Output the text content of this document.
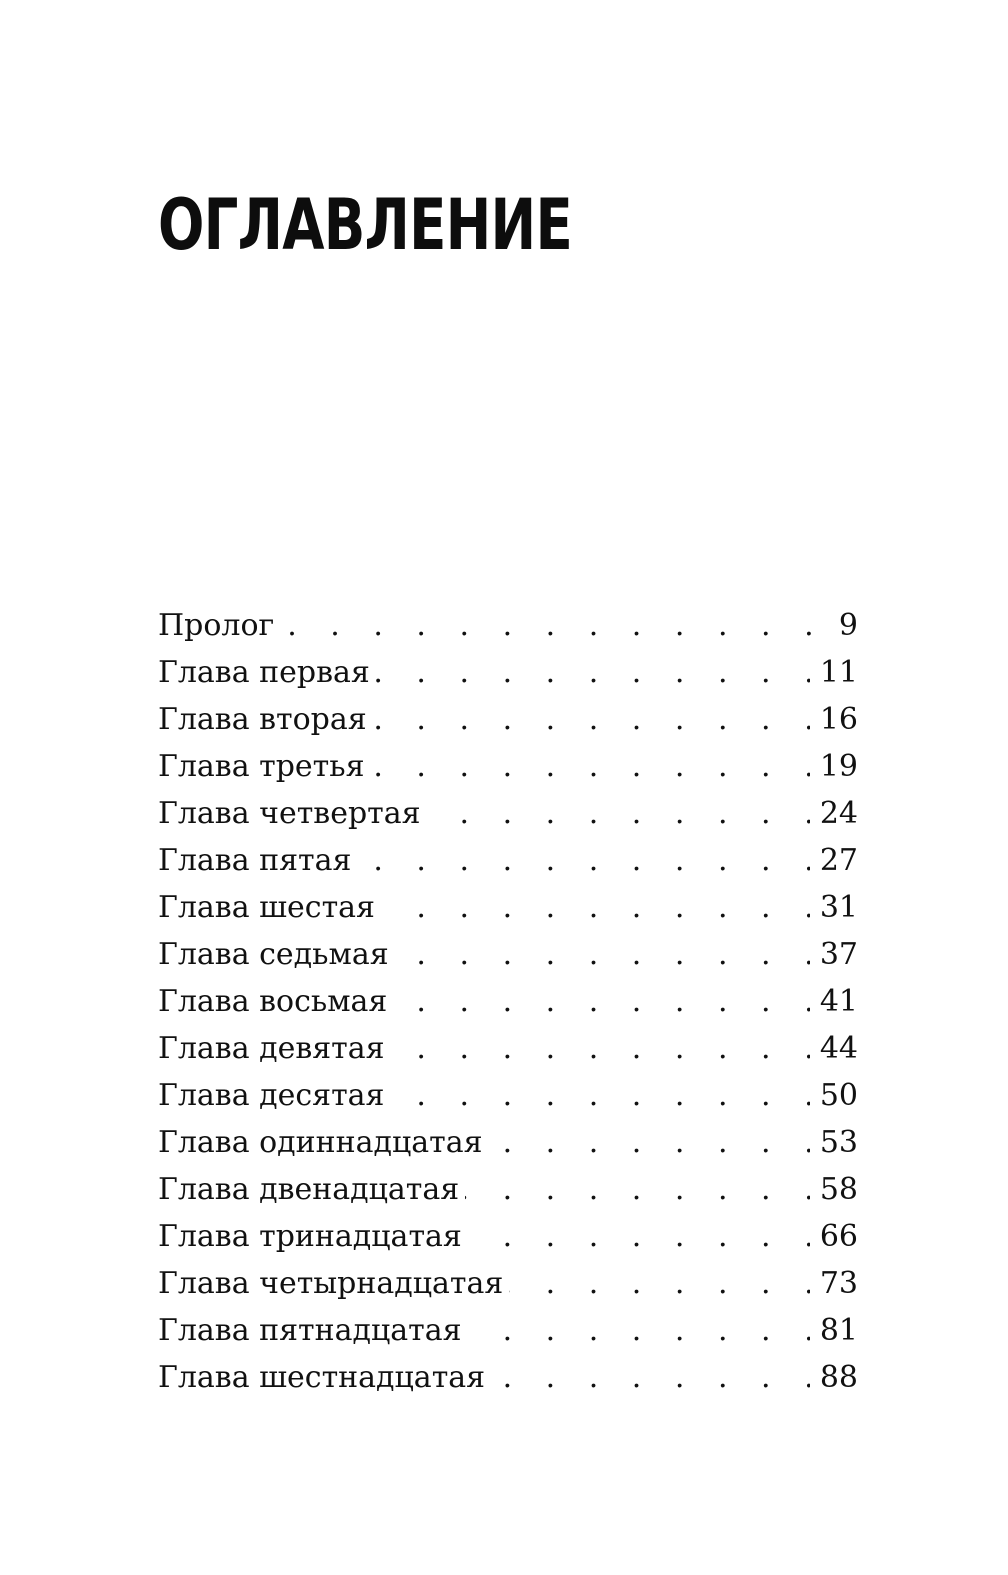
ОГЛАВЛЕНИЕ
Пролог	9
. . .
Глава первая	11
. . .
Глава вторая	16
. . .
Глава третья	19
. . .
Глава четвертая	24
. . .
Глава пятая	27
. . .
Глава шестая	31
. . .
Глава седьмая	37
. . .
Глава восьмая	41
. . .
Глава девятая	44
. . .
Глава десятая	50
. . .
Глава одиннадцатая	53
. . .
Глава двенадцатая	58
. . .
Глава тринадцатая	66
. . .
Глава четырнадцатая	73
. . .
Глава пятнадцатая	81
. . .
Глава шестнадцатая	88
. . .
